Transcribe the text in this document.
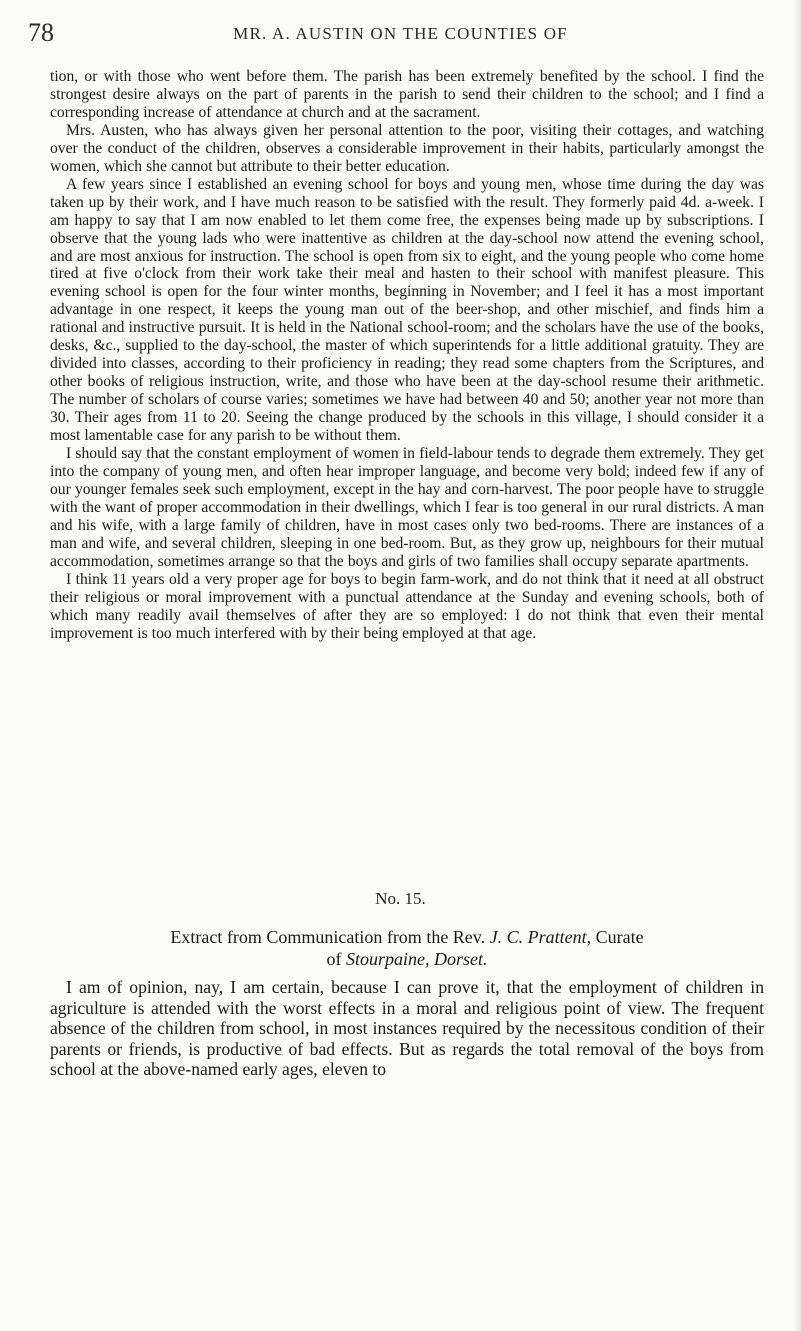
78	MR. A. AUSTIN ON THE COUNTIES OF

tion, or with those who went before them. The parish has been extremely benefited by the school. I find the strongest desire always on the part of parents in the parish to send their children to the school; and I find a corresponding increase of attendance at church and at the sacrament.

Mrs. Austen, who has always given her personal attention to the poor, visiting their cottages, and watching over the conduct of the children, observes a considerable improvement in their habits, particularly amongst the women, which she cannot but attribute to their better education.

A few years since I established an evening school for boys and young men, whose time during the day was taken up by their work, and I have much reason to be satisfied with the result. They formerly paid 4d. a-week. I am happy to say that I am now enabled to let them come free, the expenses being made up by subscriptions. I observe that the young lads who were inattentive as children at the day-school now attend the evening school, and are most anxious for instruction. The school is open from six to eight, and the young people who come home tired at five o'clock from their work take their meal and hasten to their school with manifest pleasure. This evening school is open for the four winter months, beginning in November; and I feel it has a most important advantage in one respect, it keeps the young man out of the beer-shop, and other mischief, and finds him a rational and instructive pursuit. It is held in the National school-room; and the scholars have the use of the books, desks, &c., supplied to the day-school, the master of which superintends for a little additional gratuity. They are divided into classes, according to their proficiency in reading; they read some chapters from the Scriptures, and other books of religious instruction, write, and those who have been at the day-school resume their arithmetic. The number of scholars of course varies; sometimes we have had between 40 and 50; another year not more than 30. Their ages from 11 to 20. Seeing the change produced by the schools in this village, I should consider it a most lamentable case for any parish to be without them.

I should say that the constant employment of women in field-labour tends to degrade them extremely. They get into the company of young men, and often hear improper language, and become very bold; indeed few if any of our younger females seek such employment, except in the hay and corn-harvest. The poor people have to struggle with the want of proper accommodation in their dwellings, which I fear is too general in our rural districts. A man and his wife, with a large family of children, have in most cases only two bed-rooms. There are instances of a man and wife, and several children, sleeping in one bed-room. But, as they grow up, neighbours for their mutual accommodation, sometimes arrange so that the boys and girls of two families shall occupy separate apartments.

I think 11 years old a very proper age for boys to begin farm-work, and do not think that it need at all obstruct their religious or moral improvement with a punctual attendance at the Sunday and evening schools, both of which many readily avail themselves of after they are so employed: I do not think that even their mental improvement is too much interfered with by their being employed at that age.

No. 15.
Extract from Communication from the Rev. J. C. Prattent, Curate
of Stourpaine, Dorset.

I am of opinion, nay, I am certain, because I can prove it, that the employment of children in agriculture is attended with the worst effects in a moral and religious point of view. The frequent absence of the children from school, in most instances required by the necessitous condition of their parents or friends, is productive of bad effects. But as regards the total removal of the boys from school at the above-named early ages, eleven to
